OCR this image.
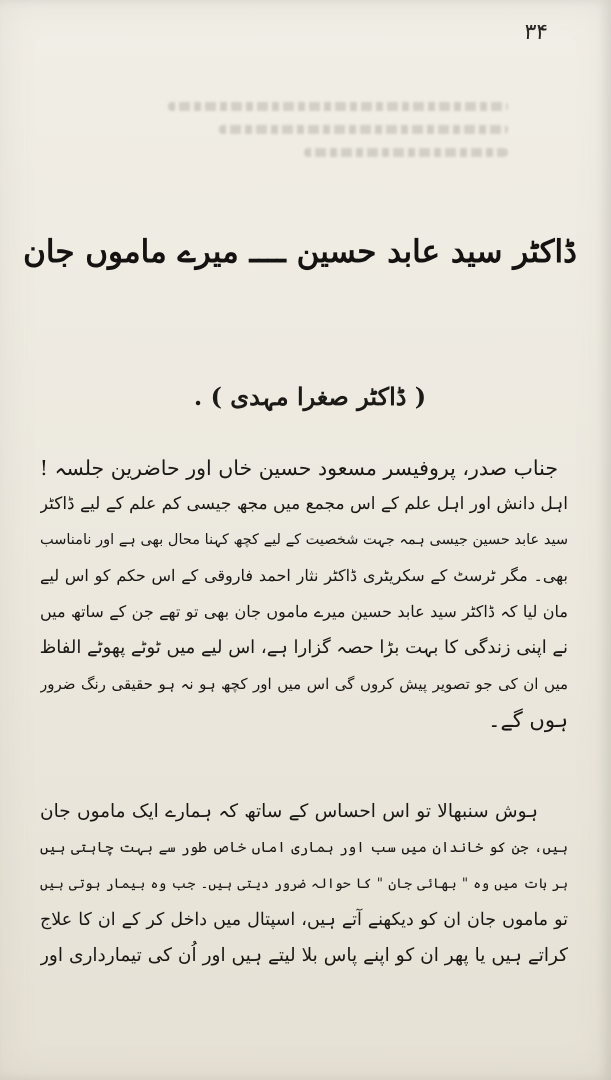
۳۴
ڈاکٹر سید عابد حسین ــــ میرے ماموں جان
( ڈاکٹر صغرا مہدی ) .
جناب صدر، پروفیسر مسعود حسین خاں اور حاضرین جلسہ !
اہل دانش اور اہل علم کے اس مجمع میں مجھ جیسی کم علم کے لیے ڈاکٹر
سید عابد حسین جیسی ہمہ جہت شخصیت کے لیے کچھ کہنا محال بھی ہے اور نامناسب
بھی۔ مگر ٹرسٹ کے سکریٹری ڈاکٹر نثار احمد فاروقی کے اس حکم کو اس لیے
مان لیا کہ ڈاکٹر سید عابد حسین میرے ماموں جان بھی تو تھے جن کے ساتھ میں
نے اپنی زندگی کا بہت بڑا حصہ گزارا ہے، اس لیے میں ٹوٹے پھوٹے الفاظ
میں ان کی جو تصویر پیش کروں گی اس میں اور کچھ ہو نہ ہو حقیقی رنگ ضرور
ہوں گے۔
ہوش سنبھالا تو اس احساس کے ساتھ کہ ہمارے ایک ماموں جان
ہیں، جن کو خاندان میں سب اور ہماری اماں خاص طور سے بہت چاہتی ہیں
ہر بات میں وہ " بھائی جان " کا حوالہ ضرور دیتی ہیں۔ جب وہ بیمار ہوتی ہیں
تو ماموں جان ان کو دیکھنے آتے ہیں، اسپتال میں داخل کر کے ان کا علاج
کراتے ہیں یا پھر ان کو اپنے پاس بلا لیتے ہیں اور اُن کی تیمارداری اور
